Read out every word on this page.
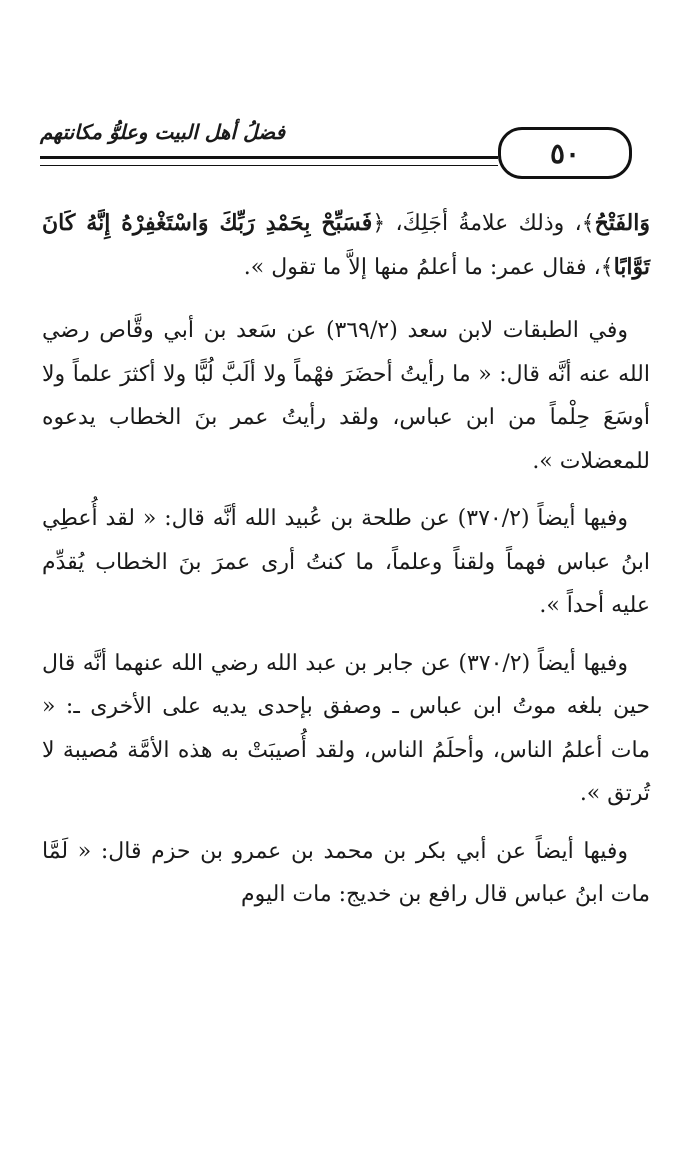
٥٠
فضلُ أهل البيت وعلوُّ مكانتهم

وَالفَتْحُ﴾، وذلك علامةُ أجَلِكَ، ﴿فَسَبِّحْ بِحَمْدِ رَبِّكَ وَاسْتَغْفِرْهُ إِنَّهُ كَانَ تَوَّابًا﴾، فقال عمر: ما أعلمُ منها إلاَّ ما تقول ».

وفي الطبقات لابن سعد (٣٦٩/٢) عن سَعد بن أبي وقَّاص رضي الله عنه أنَّه قال: « ما رأيتُ أحضَرَ فهْماً ولا ألَبَّ لُبًّا ولا أكثرَ علماً ولا أوسَعَ حِلْماً من ابن عباس، ولقد رأيتُ عمر بنَ الخطاب يدعوه للمعضلات ».

وفيها أيضاً (٣٧٠/٢) عن طلحة بن عُبيد الله أنَّه قال: « لقد أُعطِي ابنُ عباس فهماً ولقناً وعلماً، ما كنتُ أرى عمرَ بنَ الخطاب يُقدِّم عليه أحداً ».

وفيها أيضاً (٣٧٠/٢) عن جابر بن عبد الله رضي الله عنهما أنَّه قال حين بلغه موتُ ابن عباس ـ وصفق بإحدى يديه على الأخرى ـ: « مات أعلمُ الناس، وأحلَمُ الناس، ولقد أُصيبَتْ به هذه الأمَّة مُصيبة لا تُرتق ».

وفيها أيضاً عن أبي بكر بن محمد بن عمرو بن حزم قال: « لَمَّا مات ابنُ عباس قال رافع بن خديج: مات اليوم
